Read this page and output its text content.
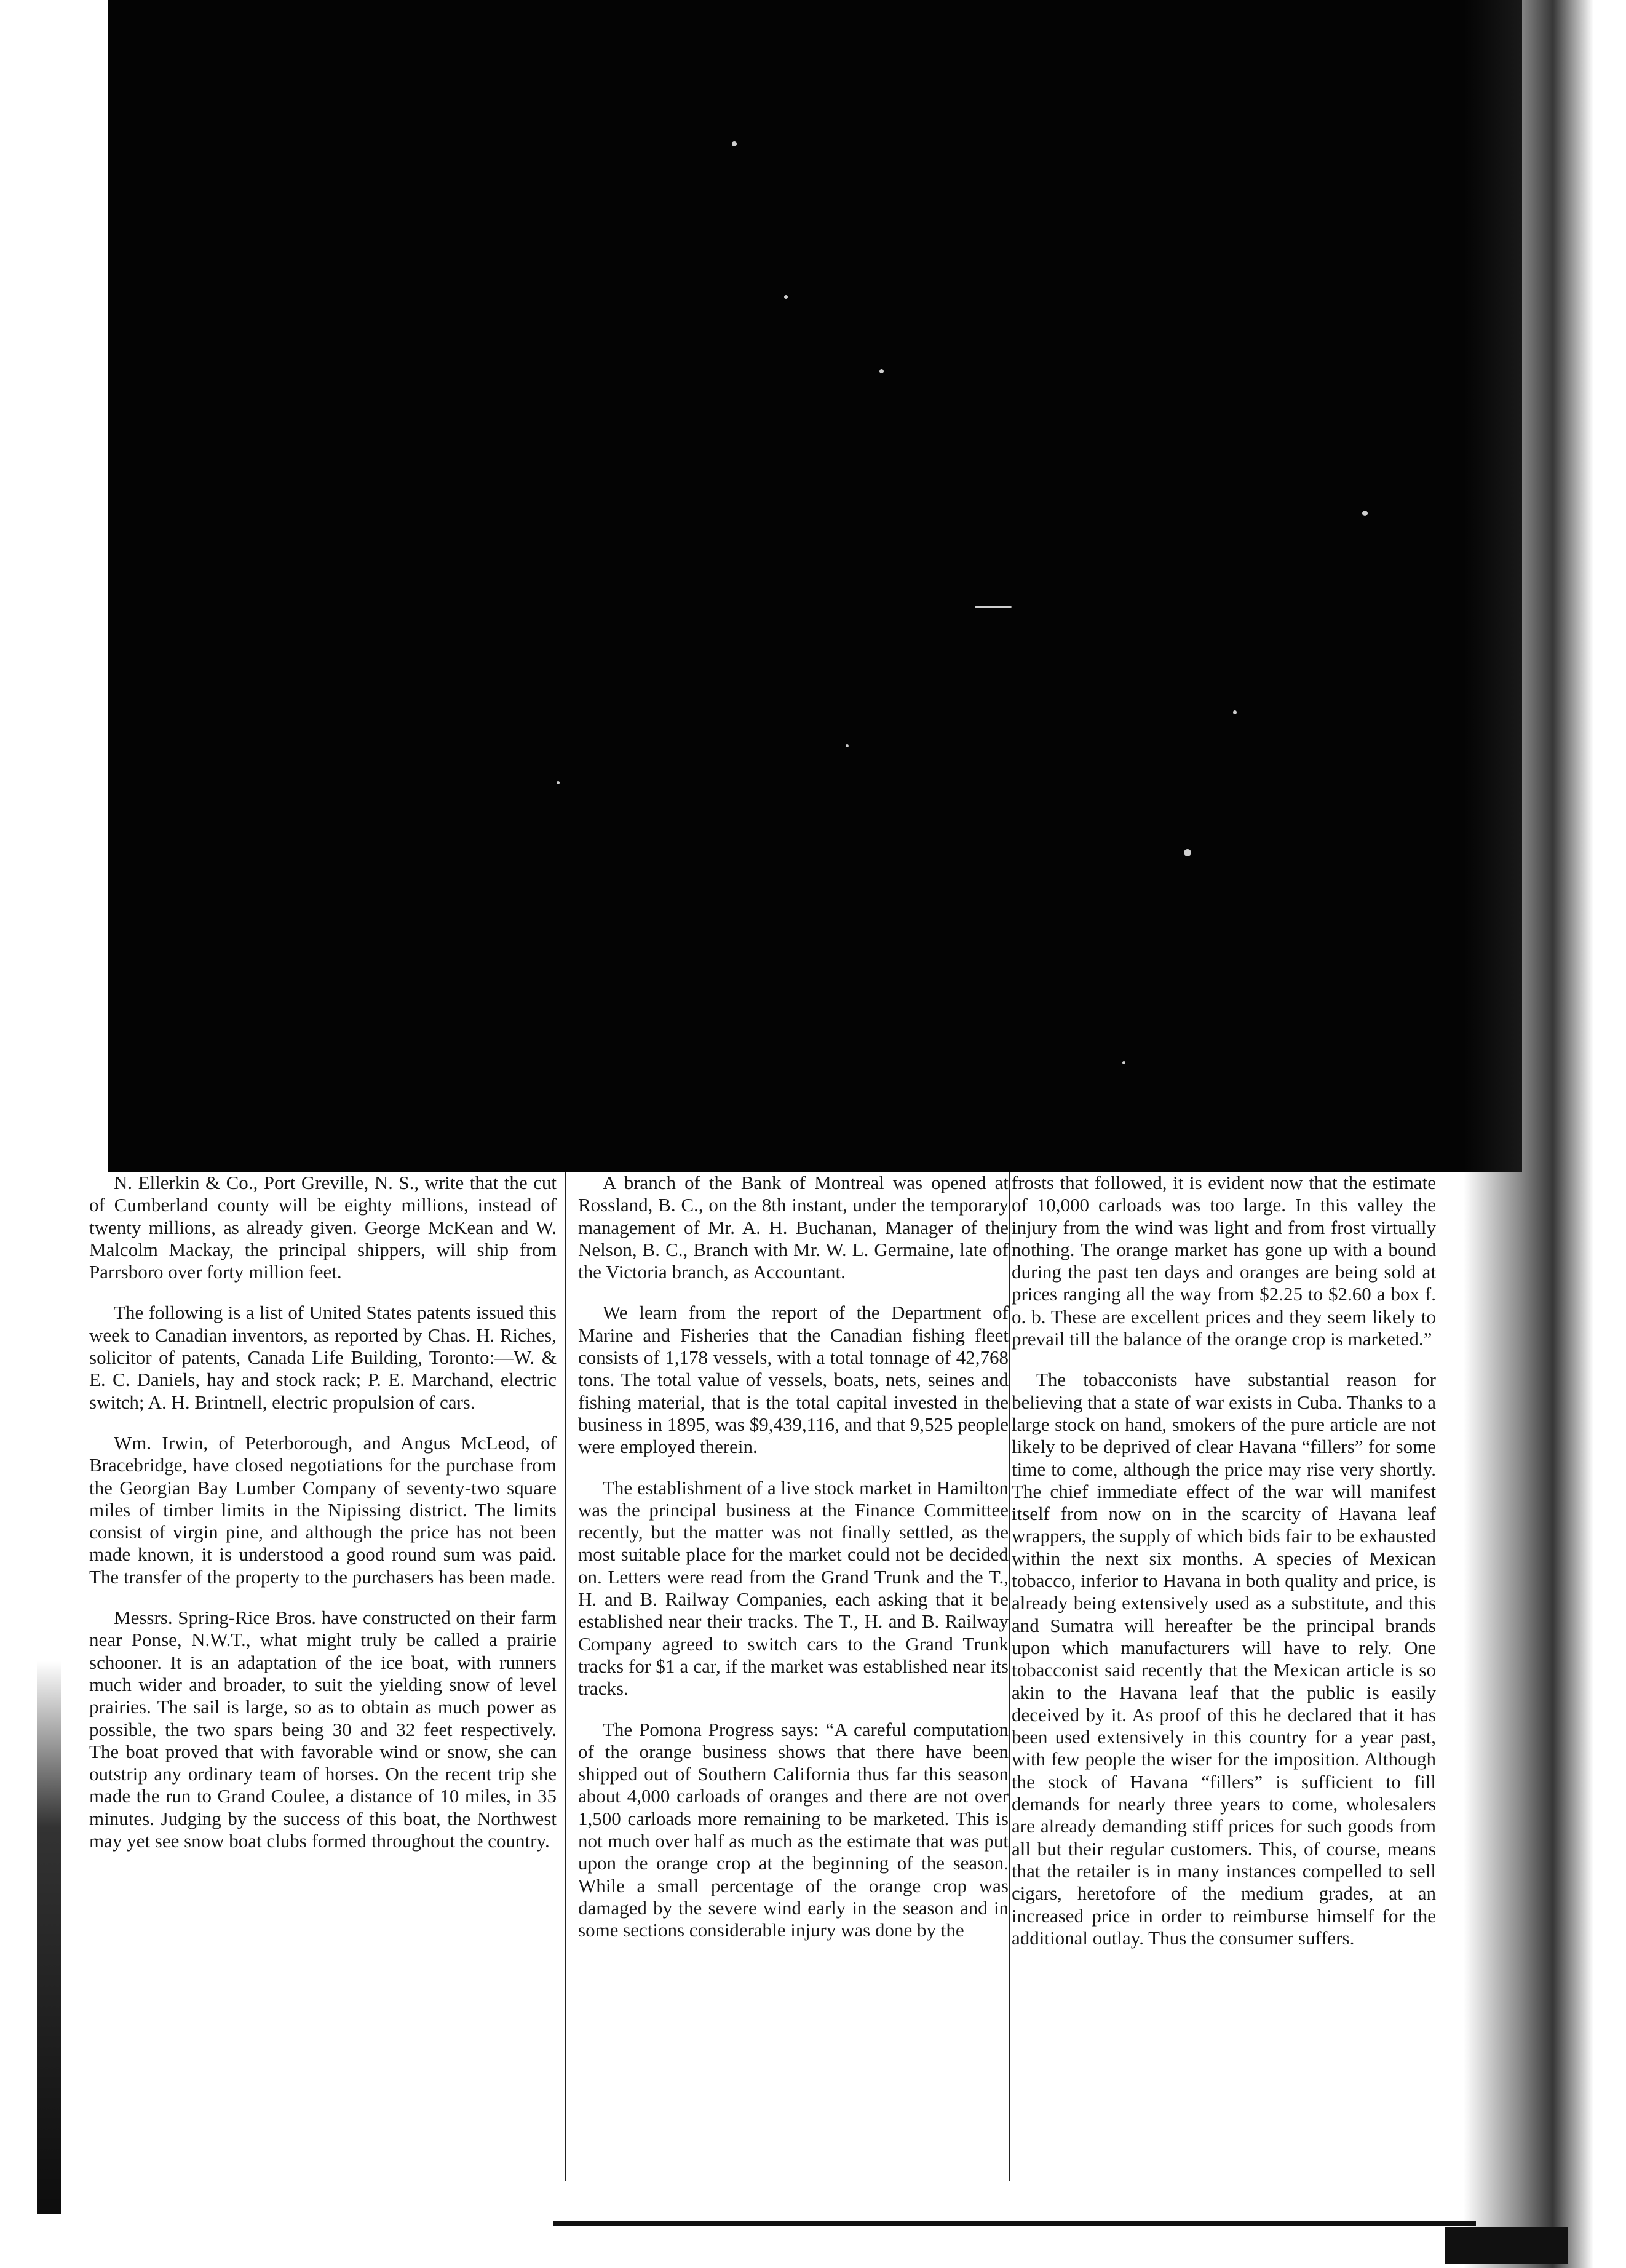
N. Ellerkin & Co., Port Greville, N. S., write that the cut of Cumberland county will be eighty millions, instead of twenty millions, as already given. George McKean and W. Malcolm Mackay, the principal shippers, will ship from Parrsboro over forty million feet.

The following is a list of United States patents issued this week to Canadian inventors, as reported by Chas. H. Riches, solicitor of patents, Canada Life Building, Toronto:—W. & E. C. Daniels, hay and stock rack; P. E. Marchand, electric switch; A. H. Brintnell, electric propulsion of cars.

Wm. Irwin, of Peterborough, and Angus McLeod, of Bracebridge, have closed negotiations for the purchase from the Georgian Bay Lumber Company of seventy-two square miles of timber limits in the Nipissing district. The limits consist of virgin pine, and although the price has not been made known, it is understood a good round sum was paid. The transfer of the property to the purchasers has been made.

Messrs. Spring-Rice Bros. have constructed on their farm near Ponse, N.W.T., what might truly be called a prairie schooner. It is an adaptation of the ice boat, with runners much wider and broader, to suit the yielding snow of level prairies. The sail is large, so as to obtain as much power as possible, the two spars being 30 and 32 feet respectively. The boat proved that with favorable wind or snow, she can outstrip any ordinary team of horses. On the recent trip she made the run to Grand Coulee, a distance of 10 miles, in 35 minutes. Judging by the success of this boat, the Northwest may yet see snow boat clubs formed throughout the country.

A branch of the Bank of Montreal was opened at Rossland, B. C., on the 8th instant, under the temporary management of Mr. A. H. Buchanan, Manager of the Nelson, B. C., Branch with Mr. W. L. Germaine, late of the Victoria branch, as Accountant.

We learn from the report of the Department of Marine and Fisheries that the Canadian fishing fleet consists of 1,178 vessels, with a total tonnage of 42,768 tons. The total value of vessels, boats, nets, seines and fishing material, that is the total capital invested in the business in 1895, was $9,439,116, and that 9,525 people were employed therein.

The establishment of a live stock market in Hamilton was the principal business at the Finance Committee recently, but the matter was not finally settled, as the most suitable place for the market could not be decided on. Letters were read from the Grand Trunk and the T., H. and B. Railway Companies, each asking that it be established near their tracks. The T., H. and B. Railway Company agreed to switch cars to the Grand Trunk tracks for $1 a car, if the market was established near its tracks.

The Pomona Progress says: “A careful computation of the orange business shows that there have been shipped out of Southern California thus far this season about 4,000 carloads of oranges and there are not over 1,500 carloads more remaining to be marketed. This is not much over half as much as the estimate that was put upon the orange crop at the beginning of the season. While a small percentage of the orange crop was damaged by the severe wind early in the season and in some sections considerable injury was done by the

frosts that followed, it is evident now that the estimate of 10,000 carloads was too large. In this valley the injury from the wind was light and from frost virtually nothing. The orange market has gone up with a bound during the past ten days and oranges are being sold at prices ranging all the way from $2.25 to $2.60 a box f. o. b. These are excellent prices and they seem likely to prevail till the balance of the orange crop is marketed.”

The tobacconists have substantial reason for believing that a state of war exists in Cuba. Thanks to a large stock on hand, smokers of the pure article are not likely to be deprived of clear Havana “fillers” for some time to come, although the price may rise very shortly. The chief immediate effect of the war will manifest itself from now on in the scarcity of Havana leaf wrappers, the supply of which bids fair to be exhausted within the next six months. A species of Mexican tobacco, inferior to Havana in both quality and price, is already being extensively used as a substitute, and this and Sumatra will hereafter be the principal brands upon which manufacturers will have to rely. One tobacconist said recently that the Mexican article is so akin to the Havana leaf that the public is easily deceived by it. As proof of this he declared that it has been used extensively in this country for a year past, with few people the wiser for the imposition. Although the stock of Havana “fillers” is sufficient to fill demands for nearly three years to come, wholesalers are already demanding stiff prices for such goods from all but their regular customers. This, of course, means that the retailer is in many instances compelled to sell cigars, heretofore of the medium grades, at an increased price in order to reimburse himself for the additional outlay. Thus the consumer suffers.
